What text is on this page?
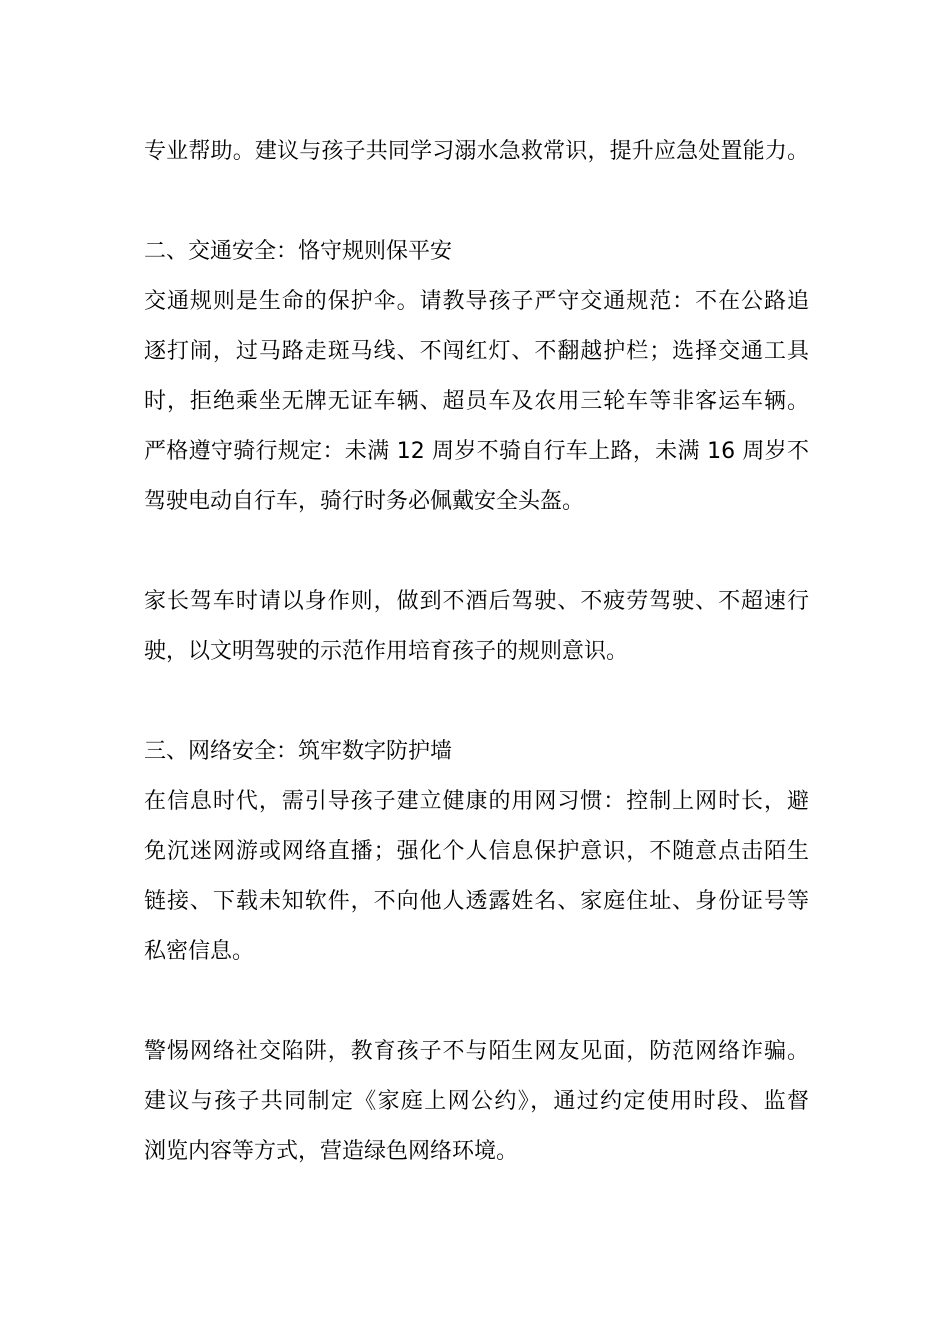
专业帮助。建议与孩子共同学习溺水急救常识，提升应急处置能力。
二、交通安全：恪守规则保平安
交通规则是生命的保护伞。请教导孩子严守交通规范：不在公路追
逐打闹，过马路走斑马线、不闯红灯、不翻越护栏；选择交通工具
时，拒绝乘坐无牌无证车辆、超员车及农用三轮车等非客运车辆。
严格遵守骑行规定：未满 12 周岁不骑自行车上路，未满 16 周岁不
驾驶电动自行车，骑行时务必佩戴安全头盔。
家长驾车时请以身作则，做到不酒后驾驶、不疲劳驾驶、不超速行
驶，以文明驾驶的示范作用培育孩子的规则意识。
三、网络安全：筑牢数字防护墙
在信息时代，需引导孩子建立健康的用网习惯：控制上网时长，避
免沉迷网游或网络直播；强化个人信息保护意识，不随意点击陌生
链接、下载未知软件，不向他人透露姓名、家庭住址、身份证号等
私密信息。
警惕网络社交陷阱，教育孩子不与陌生网友见面，防范网络诈骗。
建议与孩子共同制定《家庭上网公约》，通过约定使用时段、监督
浏览内容等方式，营造绿色网络环境。
